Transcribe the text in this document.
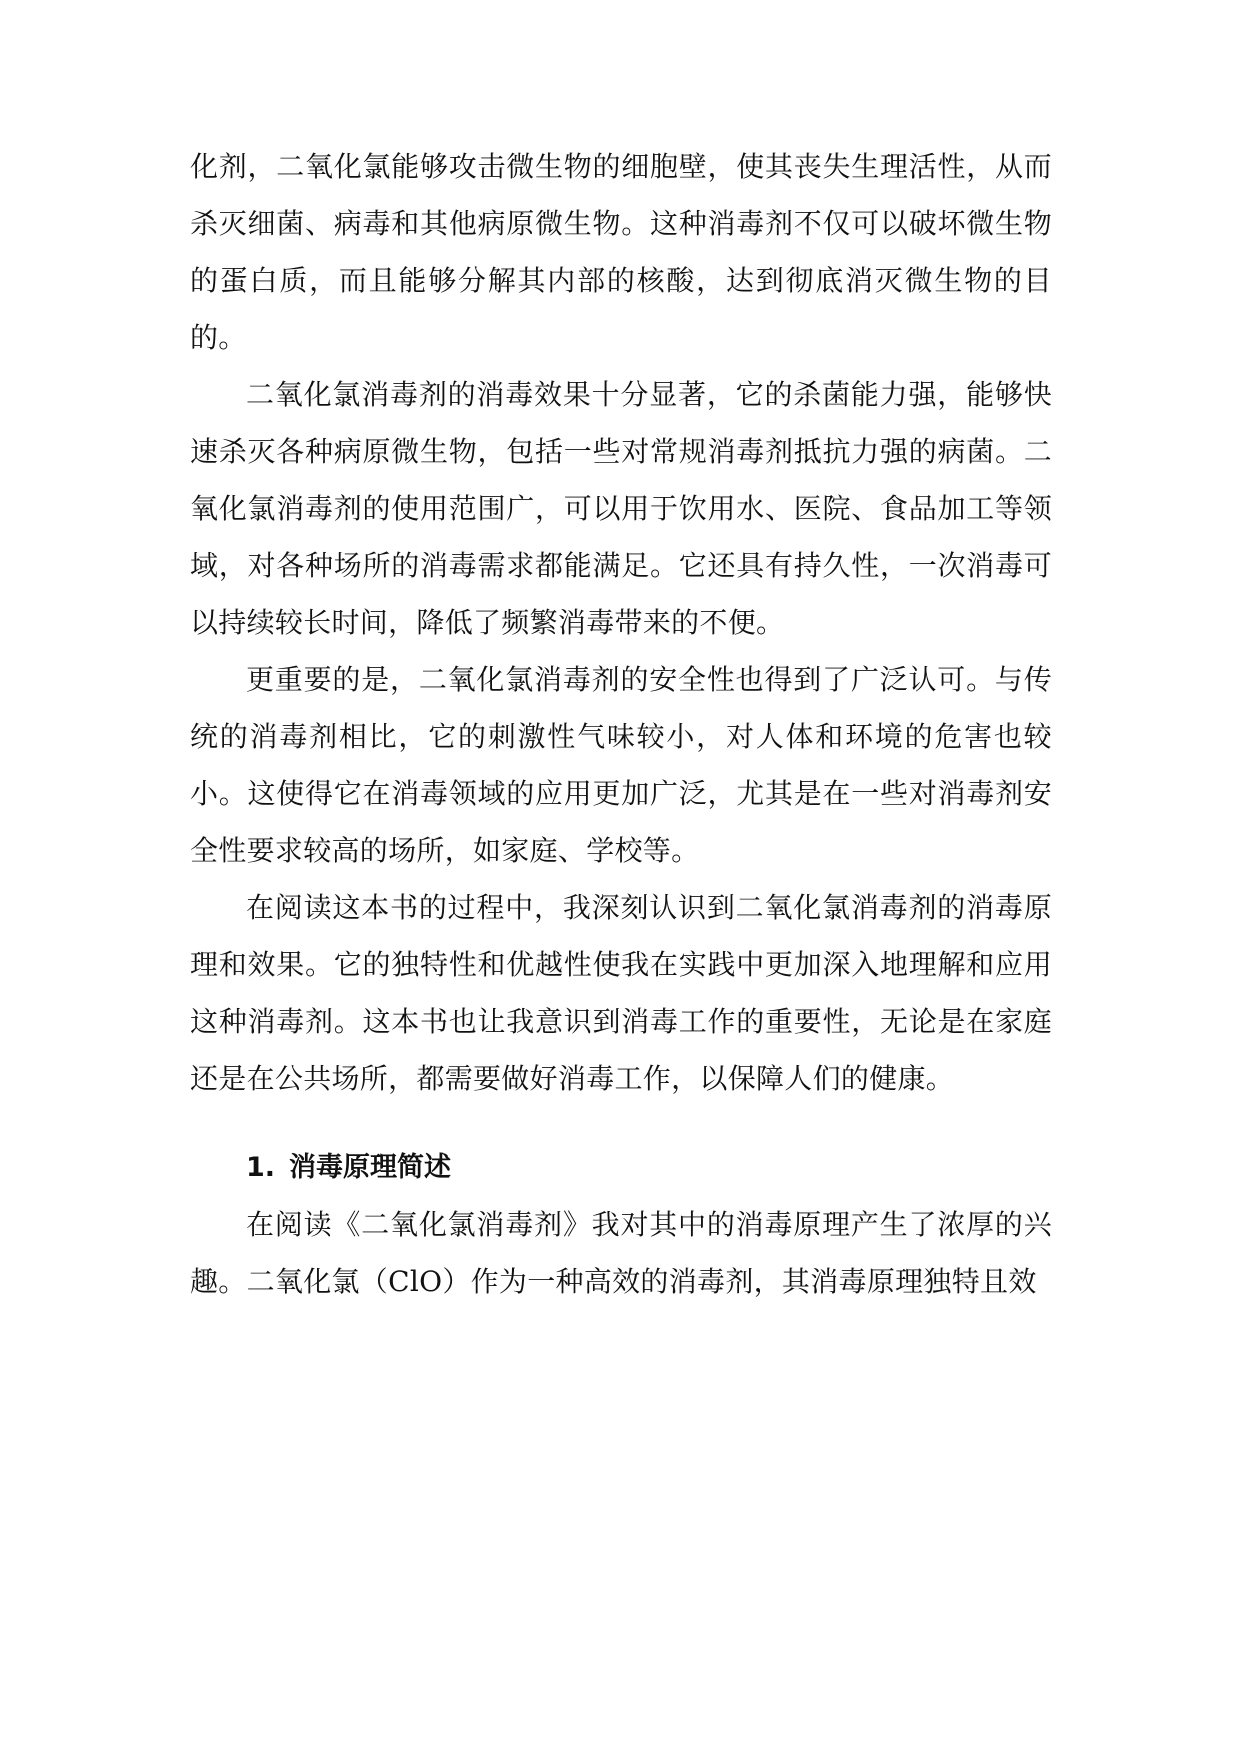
化剂，二氧化氯能够攻击微生物的细胞壁，使其丧失生理活性，从而杀灭细菌、病毒和其他病原微生物。这种消毒剂不仅可以破坏微生物的蛋白质，而且能够分解其内部的核酸，达到彻底消灭微生物的目的。

二氧化氯消毒剂的消毒效果十分显著，它的杀菌能力强，能够快速杀灭各种病原微生物，包括一些对常规消毒剂抵抗力强的病菌。二氧化氯消毒剂的使用范围广，可以用于饮用水、医院、食品加工等领域，对各种场所的消毒需求都能满足。它还具有持久性，一次消毒可以持续较长时间，降低了频繁消毒带来的不便。

更重要的是，二氧化氯消毒剂的安全性也得到了广泛认可。与传统的消毒剂相比，它的刺激性气味较小，对人体和环境的危害也较小。这使得它在消毒领域的应用更加广泛，尤其是在一些对消毒剂安全性要求较高的场所，如家庭、学校等。

在阅读这本书的过程中，我深刻认识到二氧化氯消毒剂的消毒原理和效果。它的独特性和优越性使我在实践中更加深入地理解和应用这种消毒剂。这本书也让我意识到消毒工作的重要性，无论是在家庭还是在公共场所，都需要做好消毒工作，以保障人们的健康。

1. 消毒原理简述

在阅读《二氧化氯消毒剂》我对其中的消毒原理产生了浓厚的兴趣。二氧化氯（ClO）作为一种高效的消毒剂，其消毒原理独特且效
